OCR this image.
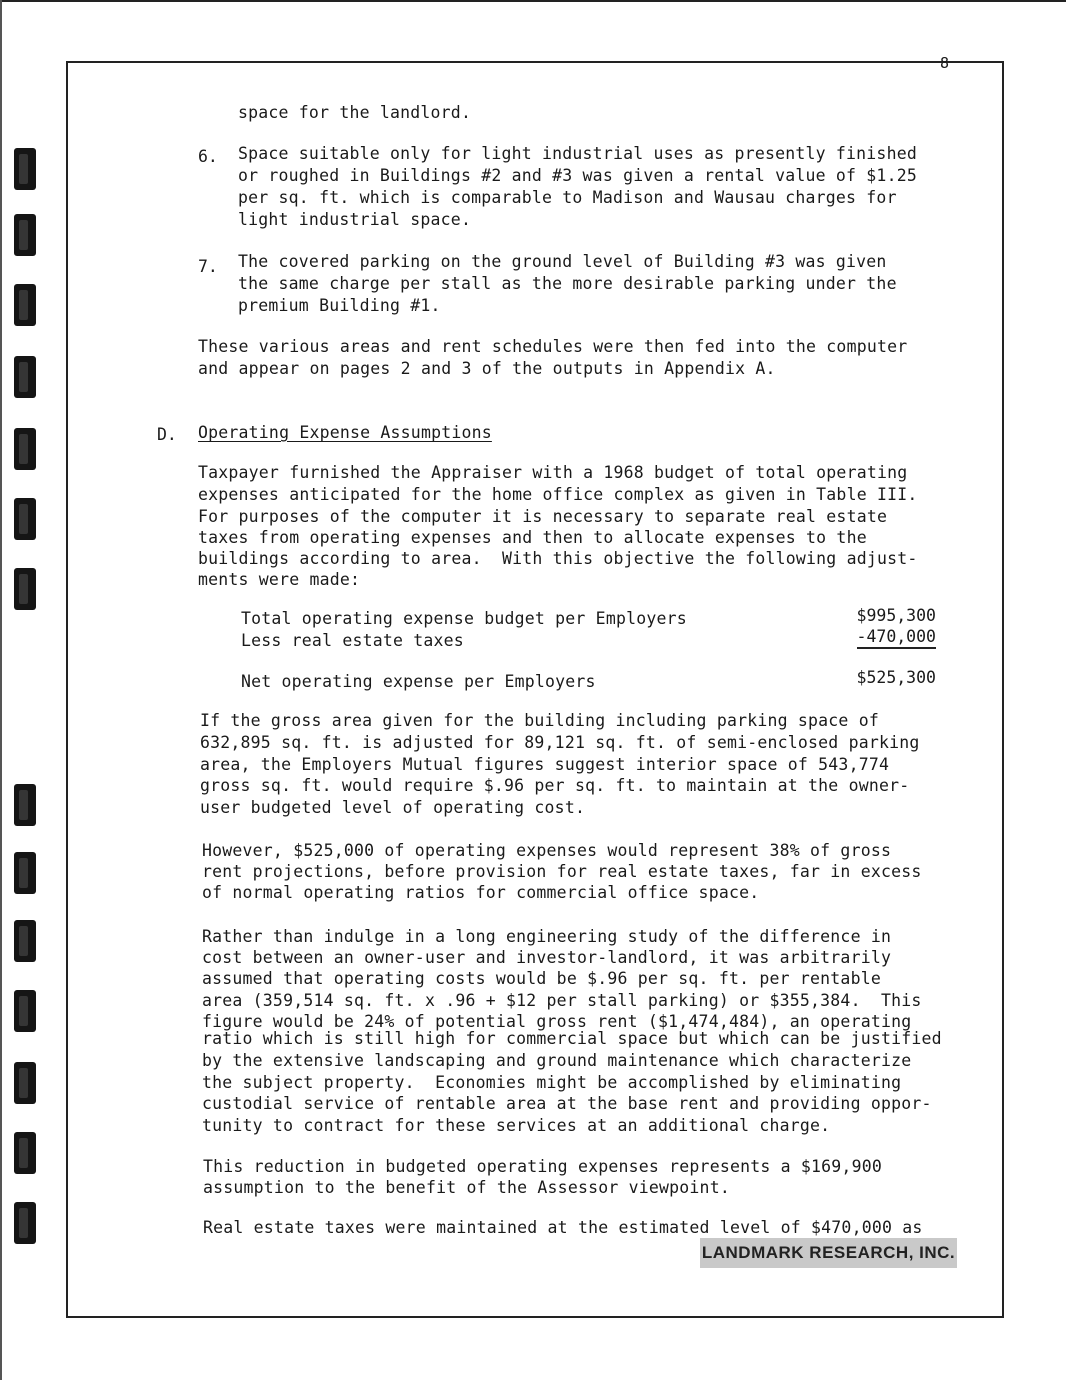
8
space for the landlord.
6. Space suitable only for light industrial uses as presently finished
or roughed in Buildings #2 and #3 was given a rental value of $1.25
per sq. ft. which is comparable to Madison and Wausau charges for
light industrial space.
7. The covered parking on the ground level of Building #3 was given
the same charge per stall as the more desirable parking under the
premium Building #1.
These various areas and rent schedules were then fed into the computer
and appear on pages 2 and 3 of the outputs in Appendix A.
D. Operating Expense Assumptions
Taxpayer furnished the Appraiser with a 1968 budget of total operating
expenses anticipated for the home office complex as given in Table III.
For purposes of the computer it is necessary to separate real estate
taxes from operating expenses and then to allocate expenses to the
buildings according to area.  With this objective the following adjust-
ments were made:
Total operating expense budget per Employers	$995,300
Less real estate taxes	-470,000
Net operating expense per Employers	$525,300
If the gross area given for the building including parking space of
632,895 sq. ft. is adjusted for 89,121 sq. ft. of semi-enclosed parking
area, the Employers Mutual figures suggest interior space of 543,774
gross sq. ft. would require $.96 per sq. ft. to maintain at the owner-
user budgeted level of operating cost.
However, $525,000 of operating expenses would represent 38% of gross
rent projections, before provision for real estate taxes, far in excess
of normal operating ratios for commercial office space.
Rather than indulge in a long engineering study of the difference in
cost between an owner-user and investor-landlord, it was arbitrarily
assumed that operating costs would be $.96 per sq. ft. per rentable
area (359,514 sq. ft. x .96 + $12 per stall parking) or $355,384.  This
figure would be 24% of potential gross rent ($1,474,484), an operating
ratio which is still high for commercial space but which can be justified
by the extensive landscaping and ground maintenance which characterize
the subject property.  Economies might be accomplished by eliminating
custodial service of rentable area at the base rent and providing oppor-
tunity to contract for these services at an additional charge.
This reduction in budgeted operating expenses represents a $169,900
assumption to the benefit of the Assessor viewpoint.
Real estate taxes were maintained at the estimated level of $470,000 as
LANDMARK RESEARCH, INC.
